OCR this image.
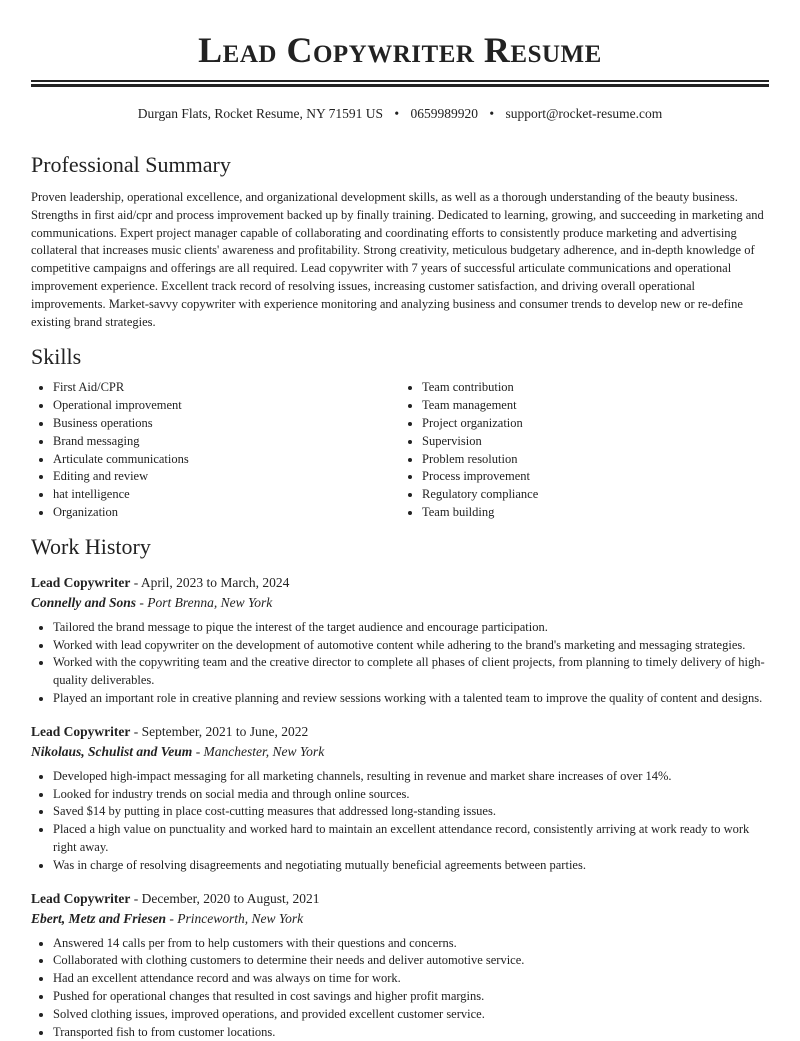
Lead Copywriter Resume
Durgan Flats, Rocket Resume, NY 71591 US • 0659989920 • support@rocket-resume.com
Professional Summary

Proven leadership, operational excellence, and organizational development skills, as well as a thorough understanding of the beauty business. Strengths in first aid/cpr and process improvement backed up by finally training. Dedicated to learning, growing, and succeeding in marketing and communications. Expert project manager capable of collaborating and coordinating efforts to consistently produce marketing and advertising collateral that increases music clients' awareness and profitability. Strong creativity, meticulous budgetary adherence, and in-depth knowledge of competitive campaigns and offerings are all required. Lead copywriter with 7 years of successful articulate communications and operational improvement experience. Excellent track record of resolving issues, increasing customer satisfaction, and driving overall operational improvements. Market-savvy copywriter with experience monitoring and analyzing business and consumer trends to develop new or re-define existing brand strategies.

Skills
• First Aid/CPR
• Operational improvement
• Business operations
• Brand messaging
• Articulate communications
• Editing and review
• hat intelligence
• Organization
• Team contribution
• Team management
• Project organization
• Supervision
• Problem resolution
• Process improvement
• Regulatory compliance
• Team building
Work History
Lead Copywriter - April, 2023 to March, 2024
Connelly and Sons - Port Brenna, New York
• Tailored the brand message to pique the interest of the target audience and encourage participation.
• Worked with lead copywriter on the development of automotive content while adhering to the brand's marketing and messaging strategies.
• Worked with the copywriting team and the creative director to complete all phases of client projects, from planning to timely delivery of high-quality deliverables.
• Played an important role in creative planning and review sessions working with a talented team to improve the quality of content and designs.
Lead Copywriter - September, 2021 to June, 2022
Nikolaus, Schulist and Veum - Manchester, New York
• Developed high-impact messaging for all marketing channels, resulting in revenue and market share increases of over 14%.
• Looked for industry trends on social media and through online sources.
• Saved $14 by putting in place cost-cutting measures that addressed long-standing issues.
• Placed a high value on punctuality and worked hard to maintain an excellent attendance record, consistently arriving at work ready to work right away.
• Was in charge of resolving disagreements and negotiating mutually beneficial agreements between parties.
Lead Copywriter - December, 2020 to August, 2021
Ebert, Metz and Friesen - Princeworth, New York
• Answered 14 calls per from to help customers with their questions and concerns.
• Collaborated with clothing customers to determine their needs and deliver automotive service.
• Had an excellent attendance record and was always on time for work.
• Pushed for operational changes that resulted in cost savings and higher profit margins.
• Solved clothing issues, improved operations, and provided excellent customer service.
• Transported fish to from customer locations.
